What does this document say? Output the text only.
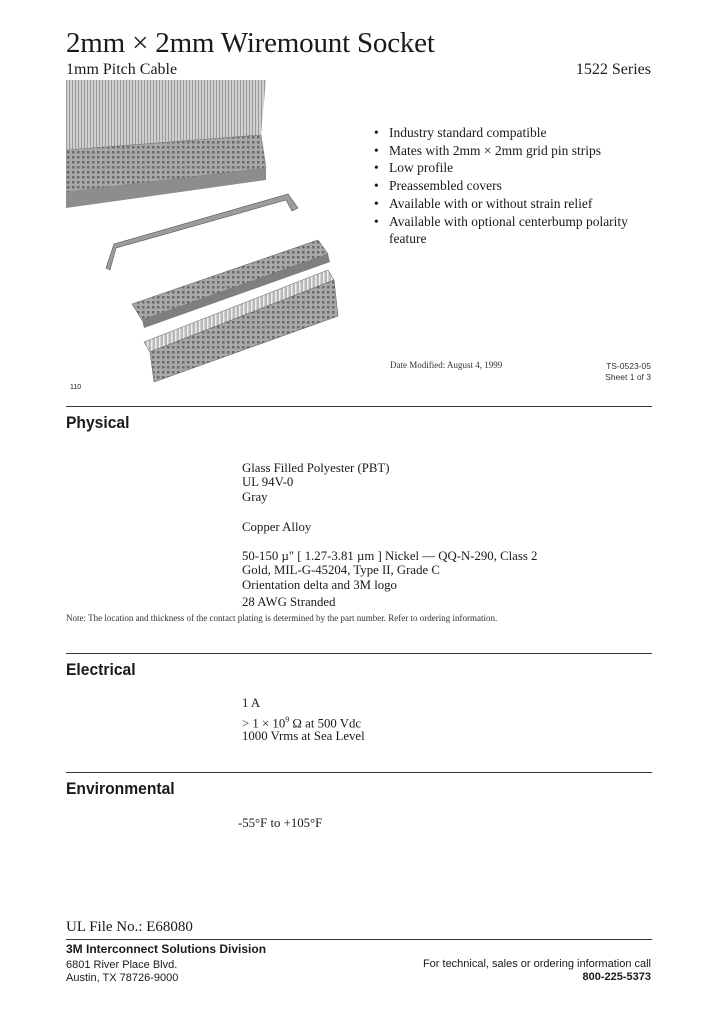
2mm × 2mm Wiremount Socket
1mm Pitch Cable	1522 Series
110
• Industry standard compatible
• Mates with 2mm × 2mm grid pin strips
• Low profile
• Preassembled covers
• Available with or without strain relief
• Available with optional centerbump polarity feature
Date Modified: August 4, 1999	TS-0523-05
Sheet 1 of 3
Physical
Glass Filled Polyester (PBT)
UL 94V-0
Gray
Copper Alloy
50-150 µ" [ 1.27-3.81 µm ] Nickel — QQ-N-290, Class 2
Gold, MIL-G-45204, Type II, Grade C
Orientation delta and 3M logo
28 AWG Stranded
Note: The location and thickness of the contact plating is determined by the part number. Refer to ordering information.
Electrical
1 A
> $1 \times 10^9$ Ω at 500 Vdc
1000 Vrms at Sea Level
Environmental
-55°F to +105°F
UL File No.: E68080
3M Interconnect Solutions Division
6801 River Place Blvd.
Austin, TX 78726-9000
For technical, sales or ordering information call
800-225-5373
